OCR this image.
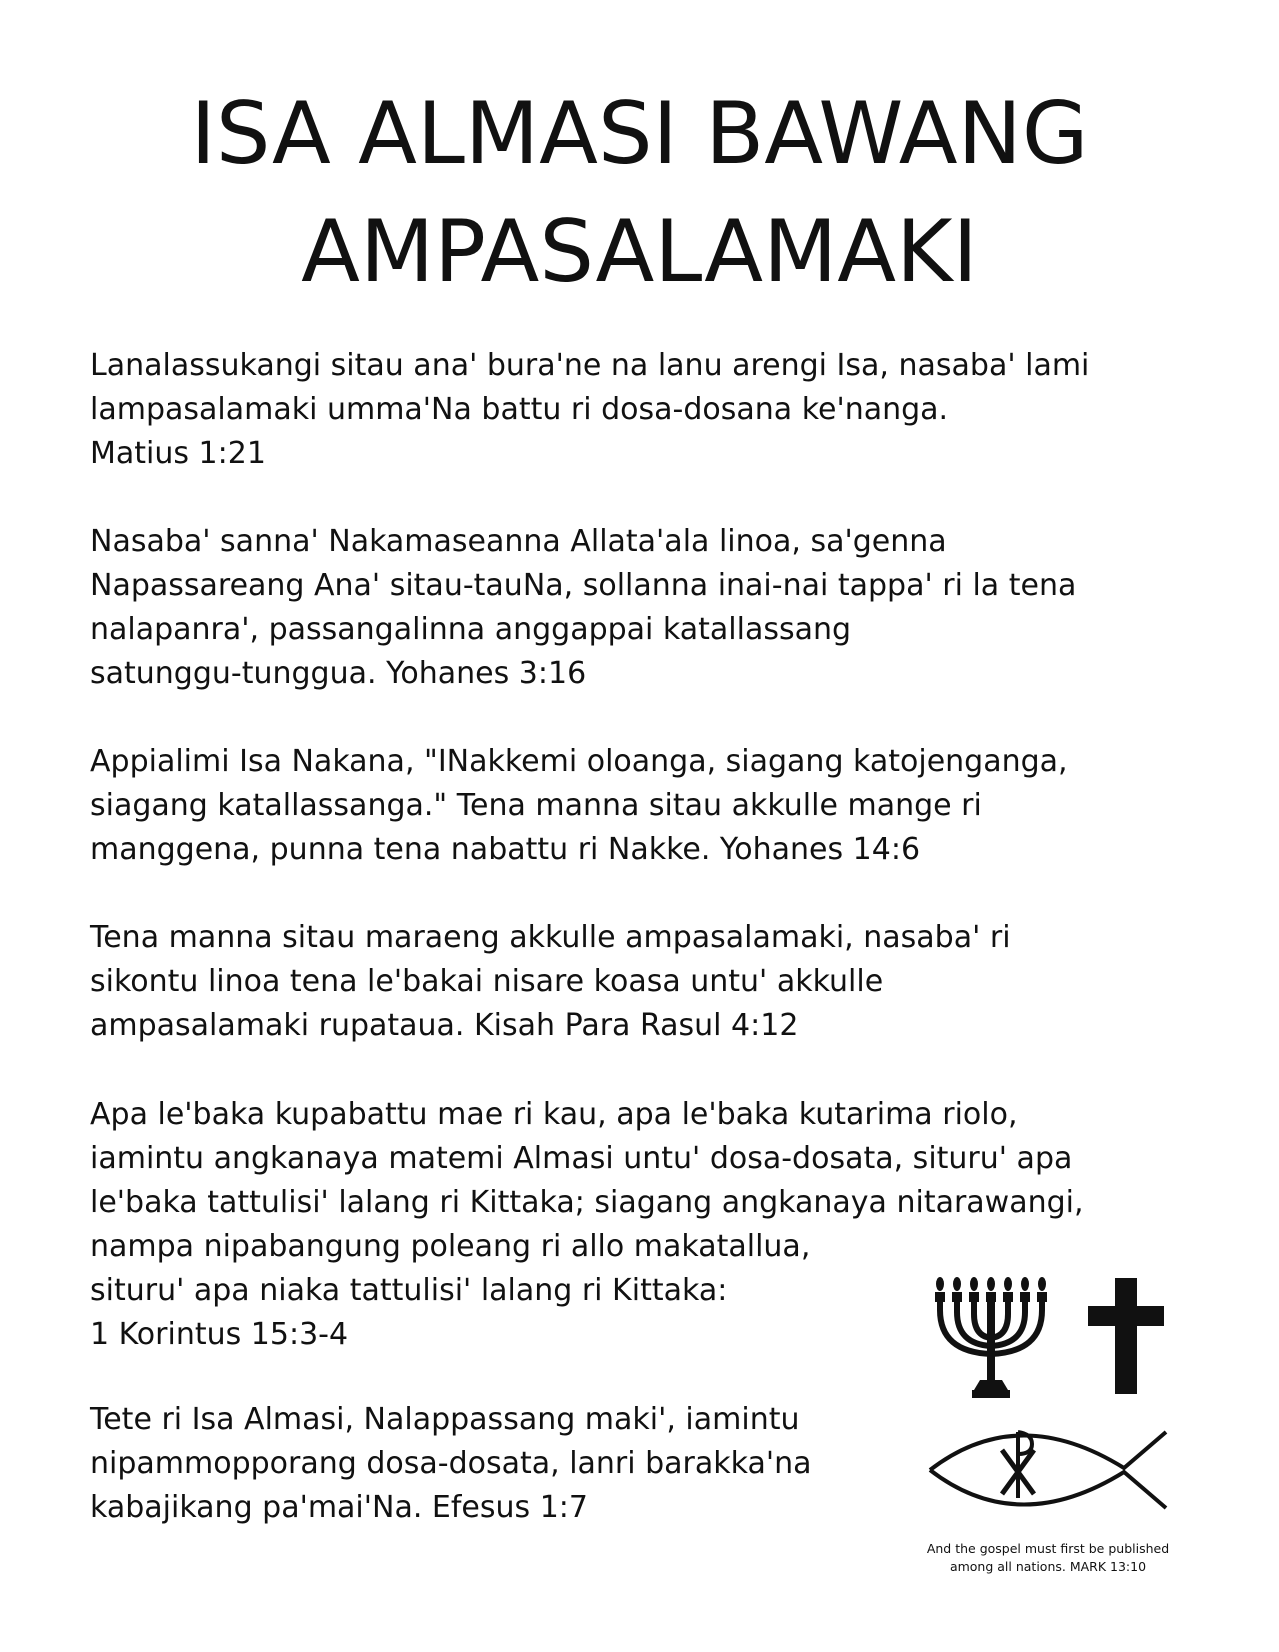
ISA ALMASI BAWANG
AMPASALAMAKI

Lanalassukangi sitau ana' bura'ne na lanu arengi Isa, nasaba' lami
lampasalamaki umma'Na battu ri dosa-dosana ke'nanga.
Matius 1:21

Nasaba' sanna' Nakamaseanna Allata'ala linoa, sa'genna
Napassareang Ana' sitau-tauNa, sollanna inai-nai tappa' ri la tena
nalapanra', passangalinna anggappai katallassang
satunggu-tunggua. Yohanes 3:16

Appialimi Isa Nakana, "INakkemi oloanga, siagang katojenganga,
siagang katallassanga." Tena manna sitau akkulle mange ri
manggena, punna tena nabattu ri Nakke. Yohanes 14:6

Tena manna sitau maraeng akkulle ampasalamaki, nasaba' ri
sikontu linoa tena le'bakai nisare koasa untu' akkulle
ampasalamaki rupataua. Kisah Para Rasul 4:12

Apa le'baka kupabattu mae ri kau, apa le'baka kutarima riolo,
iamintu angkanaya matemi Almasi untu' dosa-dosata, situru' apa
le'baka tattulisi' lalang ri Kittaka; siagang angkanaya nitarawangi,
nampa nipabangung poleang ri allo makatallua,
situru' apa niaka tattulisi' lalang ri Kittaka:
1 Korintus 15:3-4

Tete ri Isa Almasi, Nalappassang maki', iamintu
nipammopporang dosa-dosata, lanri barakka'na
kabajikang pa'mai'Na. Efesus 1:7

And the gospel must first be published
among all nations. MARK 13:10
